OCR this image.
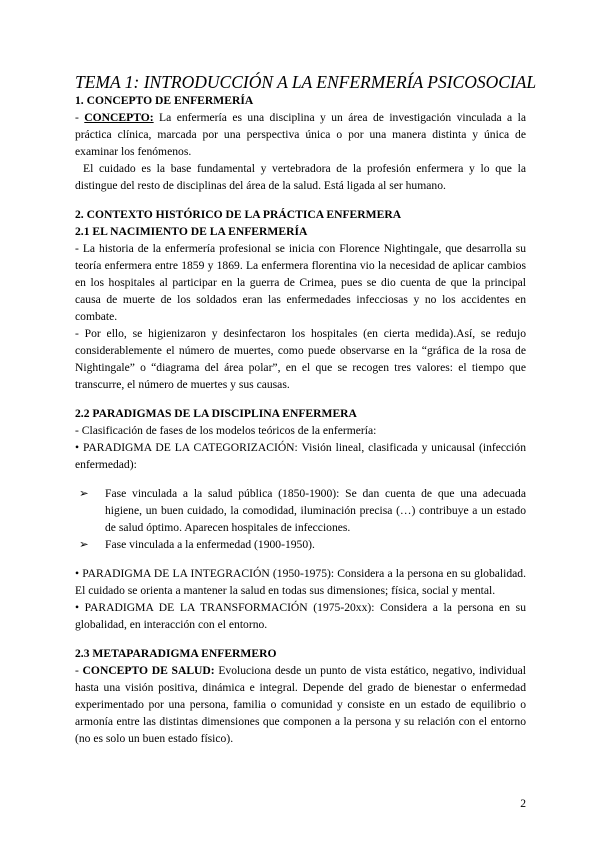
TEMA 1: INTRODUCCIÓN A LA ENFERMERÍA PSICOSOCIAL
1. CONCEPTO DE ENFERMERÍA

- CONCEPTO: La enfermería es una disciplina y un área de investigación vinculada a la práctica clínica, marcada por una perspectiva única o por una manera distinta y única de examinar los fenómenos.

El cuidado es la base fundamental y vertebradora de la profesión enfermera y lo que la distingue del resto de disciplinas del área de la salud. Está ligada al ser humano.

2. CONTEXTO HISTÓRICO DE LA PRÁCTICA ENFERMERA
2.1 EL NACIMIENTO DE LA ENFERMERÍA

- La historia de la enfermería profesional se inicia con Florence Nightingale, que desarrolla su teoría enfermera entre 1859 y 1869. La enfermera florentina vio la necesidad de aplicar cambios en los hospitales al participar en la guerra de Crimea, pues se dio cuenta de que la principal causa de muerte de los soldados eran las enfermedades infecciosas y no los accidentes en combate.

- Por ello, se higienizaron y desinfectaron los hospitales (en cierta medida).Así, se redujo considerablemente el número de muertes, como puede observarse en la “gráfica de la rosa de Nightingale” o “diagrama del área polar”, en el que se recogen tres valores: el tiempo que transcurre, el número de muertes y sus causas.

2.2 PARADIGMAS DE LA DISCIPLINA ENFERMERA

- Clasificación de fases de los modelos teóricos de la enfermería:

• PARADIGMA DE LA CATEGORIZACIÓN: Visión lineal, clasificada y unicausal (infección enfermedad):

➢ Fase vinculada a la salud pública (1850-1900): Se dan cuenta de que una adecuada higiene, un buen cuidado, la comodidad, iluminación precisa (…) contribuye a un estado de salud óptimo. Aparecen hospitales de infecciones.
➢ Fase vinculada a la enfermedad (1900-1950).

• PARADIGMA DE LA INTEGRACIÓN (1950-1975): Considera a la persona en su globalidad. El cuidado se orienta a mantener la salud en todas sus dimensiones; física, social y mental.

• PARADIGMA DE LA TRANSFORMACIÓN (1975-20xx): Considera a la persona en su globalidad, en interacción con el entorno.

2.3 METAPARADIGMA ENFERMERO

- CONCEPTO DE SALUD: Evoluciona desde un punto de vista estático, negativo, individual hasta una visión positiva, dinámica e integral. Depende del grado de bienestar o enfermedad experimentado por una persona, familia o comunidad y consiste en un estado de equilibrio o armonía entre las distintas dimensiones que componen a la persona y su relación con el entorno (no es solo un buen estado físico).

2
